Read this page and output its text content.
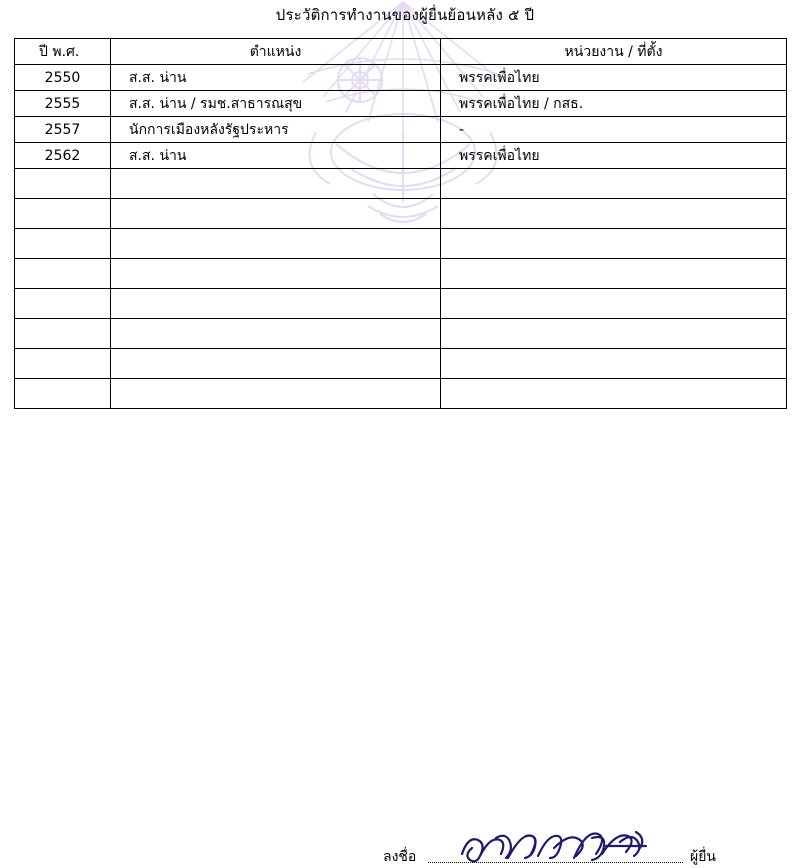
ประวัติการทำงานของผู้ยื่นย้อนหลัง ๕ ปี
ปี พ.ศ.	ตำแหน่ง	หน่วยงาน / ที่ตั้ง
2550	ส.ส. น่าน	พรรคเพื่อไทย
2555	ส.ส. น่าน / รมช.สาธารณสุข	พรรคเพื่อไทย / กสธ.
2557	นักการเมืองหลังรัฐประหาร	-
2562	ส.ส. น่าน	พรรคเพื่อไทย

ลงชื่อ	ผู้ยื่น
